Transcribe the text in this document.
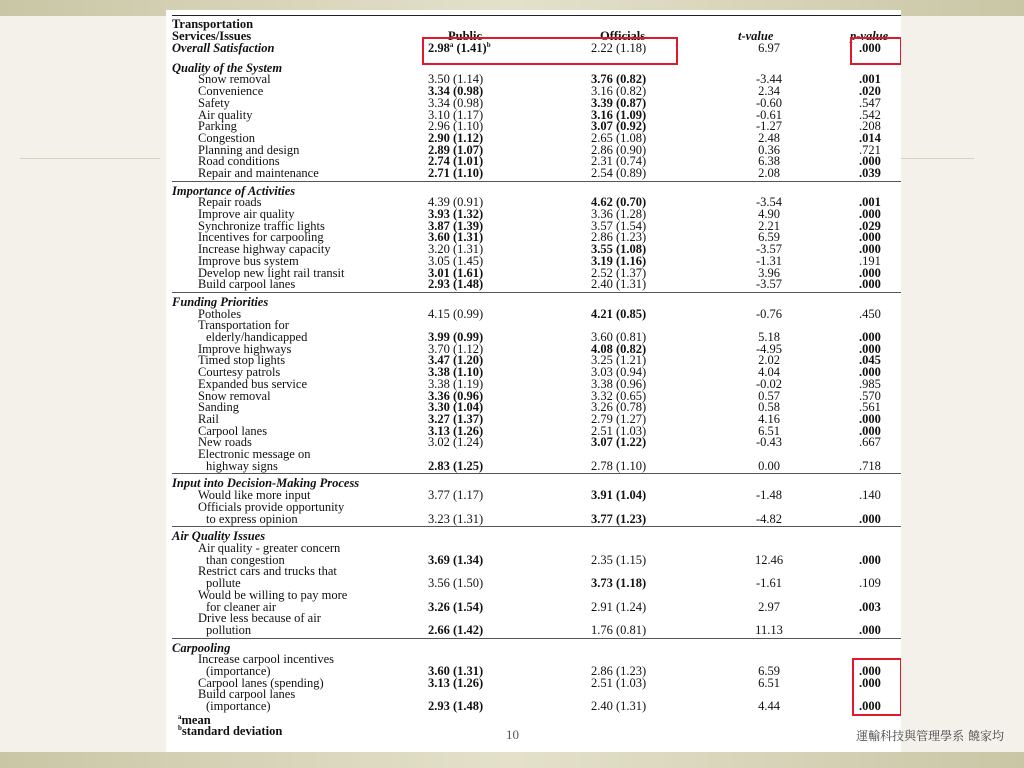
Transportation
Services/Issues	Public	Officials	t-value	p-value
Overall Satisfaction	2.98$^a$ $(1.41)^b$	2.22 (1.18)	6.97	.000
Quality of the System
Snow removal	3.50 (1.14)	3.76 (0.82)	-3.44	.001
Convenience	3.34 (0.98)	3.16 (0.82)	2.34	.020
Safety	3.34 (0.98)	3.39 (0.87)	-0.60	.547
Air quality	3.10 (1.17)	3.16 (1.09)	-0.61	.542
Parking	2.96 (1.10)	3.07 (0.92)	-1.27	.208
Congestion	2.90 (1.12)	2.65 (1.08)	2.48	.014
Planning and design	2.89 (1.07)	2.86 (0.90)	0.36	.721
Road conditions	2.74 (1.01)	2.31 (0.74)	6.38	.000
Repair and maintenance	2.71 (1.10)	2.54 (0.89)	2.08	.039
Importance of Activities
Repair roads	4.39 (0.91)	4.62 (0.70)	-3.54	.001
Improve air quality	3.93 (1.32)	3.36 (1.28)	4.90	.000
Synchronize traffic lights	3.87 (1.39)	3.57 (1.54)	2.21	.029
Incentives for carpooling	3.60 (1.31)	2.86 (1.23)	6.59	.000
Increase highway capacity	3.20 (1.31)	3.55 (1.08)	-3.57	.000
Improve bus system	3.05 (1.45)	3.19 (1.16)	-1.31	.191
Develop new light rail transit	3.01 (1.61)	2.52 (1.37)	3.96	.000
Build carpool lanes	2.93 (1.48)	2.40 (1.31)	-3.57	.000
Funding Priorities
Potholes	4.15 (0.99)	4.21 (0.85)	-0.76	.450
Transportation for
elderly/handicapped	3.99 (0.99)	3.60 (0.81)	5.18	.000
Improve highways	3.70 (1.12)	4.08 (0.82)	-4.95	.000
Timed stop lights	3.47 (1.20)	3.25 (1.21)	2.02	.045
Courtesy patrols	3.38 (1.10)	3.03 (0.94)	4.04	.000
Expanded bus service	3.38 (1.19)	3.38 (0.96)	-0.02	.985
Snow removal	3.36 (0.96)	3.32 (0.65)	0.57	.570
Sanding	3.30 (1.04)	3.26 (0.78)	0.58	.561
Rail	3.27 (1.37)	2.79 (1.27)	4.16	.000
Carpool lanes	3.13 (1.26)	2.51 (1.03)	6.51	.000
New roads	3.02 (1.24)	3.07 (1.22)	-0.43	.667
Electronic message on
highway signs	2.83 (1.25)	2.78 (1.10)	0.00	.718
Input into Decision-Making Process
Would like more input	3.77 (1.17)	3.91 (1.04)	-1.48	.140
Officials provide opportunity
to express opinion	3.23 (1.31)	3.77 (1.23)	-4.82	.000
Air Quality Issues
Air quality - greater concern
than congestion	3.69 (1.34)	2.35 (1.15)	12.46	.000
Restrict cars and trucks that
pollute	3.56 (1.50)	3.73 (1.18)	-1.61	.109
Would be willing to pay more
for cleaner air	3.26 (1.54)	2.91 (1.24)	2.97	.003
Drive less because of air
pollution	2.66 (1.42)	1.76 (0.81)	11.13	.000
Carpooling
Increase carpool incentives
(importance)	3.60 (1.31)	2.86 (1.23)	6.59	.000
Carpool lanes (spending)	3.13 (1.26)	2.51 (1.03)	6.51	.000
Build carpool lanes
(importance)	2.93 (1.48)	2.40 (1.31)	4.44	.000
$^a$mean
$^b$standard deviation	10	運輸科技與管理學系 饒家均
